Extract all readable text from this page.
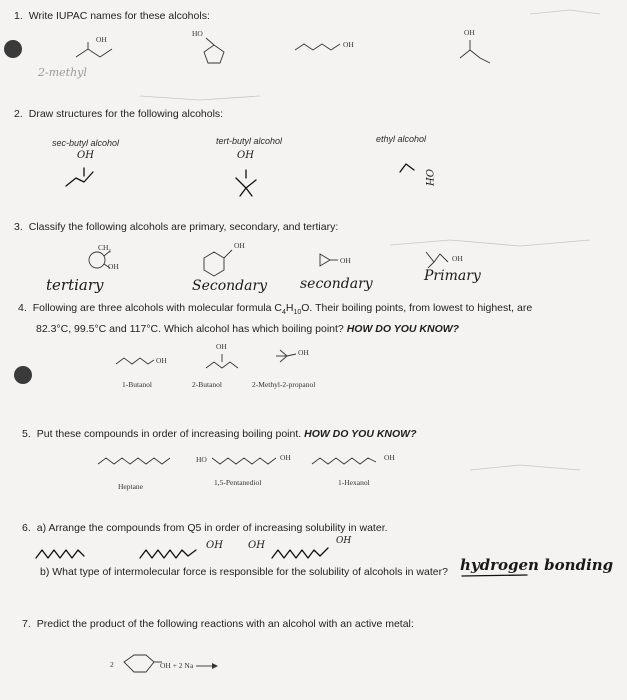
1. Write IUPAC names for these alcohols:
OH
HO
OH
OH
2-methyl
2. Draw structures for the following alcohols:
sec-butyl alcohol	tert-butyl alcohol	ethyl alcohol
OH	OH
OH
3. Classify the following alcohols are primary, secondary, and tertiary:
$CH_3$
OH
OH
OH	OH
tertiary	Secondary secondary	Primary
4. Following are three alcohols with molecular formula $C_4H_{10}O$. Their boiling points, from lowest to highest, are
82.3°C, 99.5°C and 117°C. Which alcohol has which boiling point? HOW DO YOU KNOW?
OH
OH
OH
1-Butanol	2-Butanol	2-Methyl-2-propanol
5. Put these compounds in order of increasing boiling point. HOW DO YOU KNOW?
HO	OH	OH
Heptane	1,5-Pentanediol	1-Hexanol
6. a) Arrange the compounds from Q5 in order of increasing solubility in water.
OH	OH	OH
b) What type of intermolecular force is responsible for the solubility of alcohols in water? hydrogen bonding
7. Predict the product of the following reactions with an alcohol with an active metal:
2	OH + 2 Na
